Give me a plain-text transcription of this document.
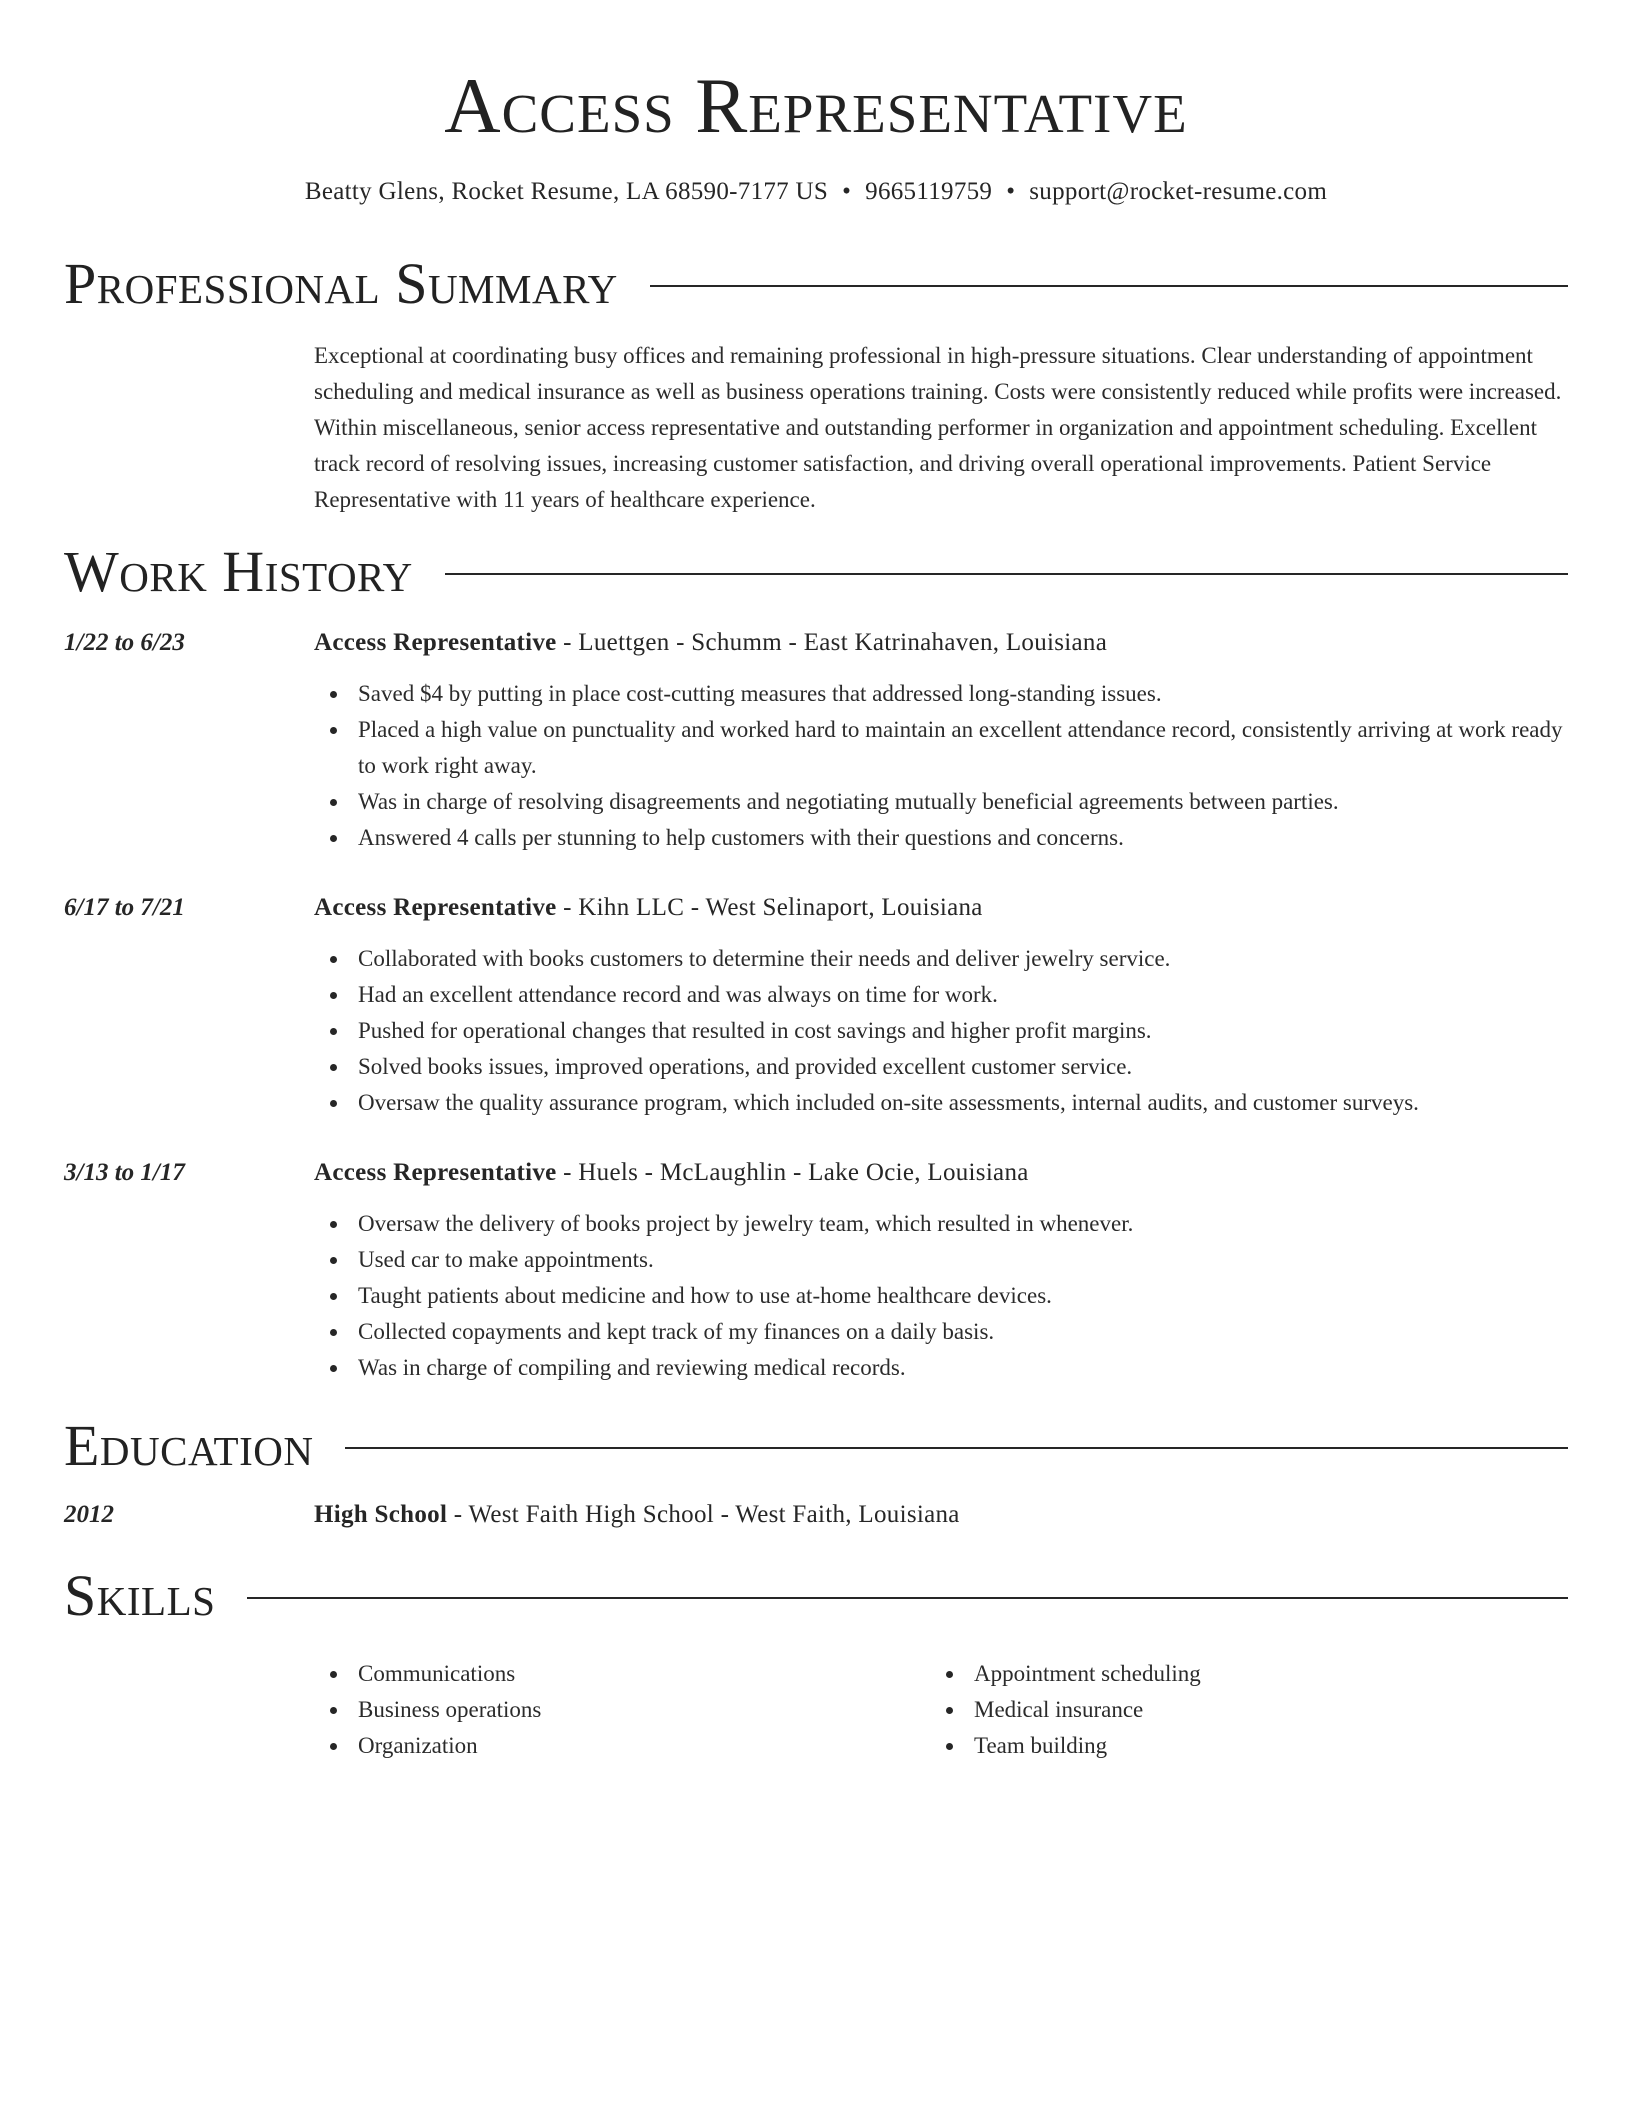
Access Representative
Beatty Glens, Rocket Resume, LA 68590-7177 US • 9665119759 • support@rocket-resume.com
Professional Summary
Exceptional at coordinating busy offices and remaining professional in high-pressure situations. Clear understanding of appointment scheduling and medical insurance as well as business operations training. Costs were consistently reduced while profits were increased. Within miscellaneous, senior access representative and outstanding performer in organization and appointment scheduling. Excellent track record of resolving issues, increasing customer satisfaction, and driving overall operational improvements. Patient Service Representative with 11 years of healthcare experience.
Work History
1/22 to 6/23	Access Representative - Luettgen - Schumm - East Katrinahaven, Louisiana
Saved $4 by putting in place cost-cutting measures that addressed long-standing issues.
Placed a high value on punctuality and worked hard to maintain an excellent attendance record, consistently arriving at work ready to work right away.
Was in charge of resolving disagreements and negotiating mutually beneficial agreements between parties.
Answered 4 calls per stunning to help customers with their questions and concerns.
6/17 to 7/21	Access Representative - Kihn LLC - West Selinaport, Louisiana
Collaborated with books customers to determine their needs and deliver jewelry service.
Had an excellent attendance record and was always on time for work.
Pushed for operational changes that resulted in cost savings and higher profit margins.
Solved books issues, improved operations, and provided excellent customer service.
Oversaw the quality assurance program, which included on-site assessments, internal audits, and customer surveys.
3/13 to 1/17	Access Representative - Huels - McLaughlin - Lake Ocie, Louisiana
Oversaw the delivery of books project by jewelry team, which resulted in whenever.
Used car to make appointments.
Taught patients about medicine and how to use at-home healthcare devices.
Collected copayments and kept track of my finances on a daily basis.
Was in charge of compiling and reviewing medical records.
Education
2012	High School - West Faith High School - West Faith, Louisiana
Skills
Communications
Business operations
Organization
Appointment scheduling
Medical insurance
Team building
